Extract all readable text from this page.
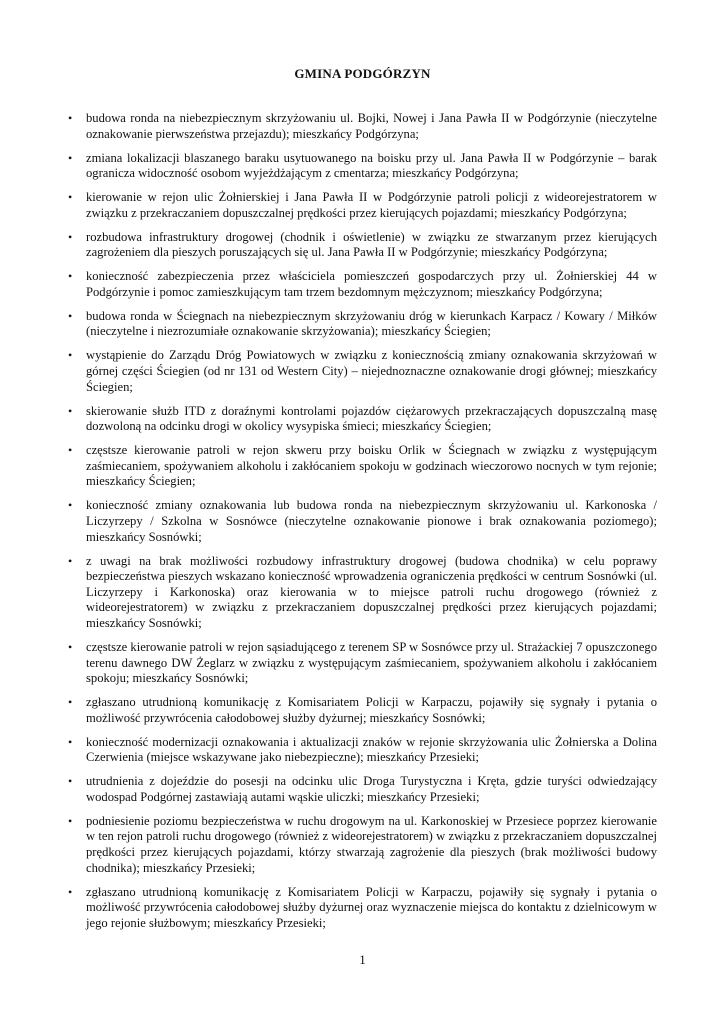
GMINA PODGÓRZYN
• budowa ronda na niebezpiecznym skrzyżowaniu ul. Bojki, Nowej i Jana Pawła II w Podgórzynie (nieczytelne oznakowanie pierwszeństwa przejazdu); mieszkańcy Podgórzyna;
• zmiana lokalizacji blaszanego baraku usytuowanego na boisku przy ul. Jana Pawła II w Podgórzynie – barak ogranicza widoczność osobom wyjeżdżającym z cmentarza; mieszkańcy Podgórzyna;
• kierowanie w rejon ulic Żołnierskiej i Jana Pawła II w Podgórzynie patroli policji z wideorejestratorem w związku z przekraczaniem dopuszczalnej prędkości przez kierujących pojazdami; mieszkańcy Podgórzyna;
• rozbudowa infrastruktury drogowej (chodnik i oświetlenie) w związku ze stwarzanym przez kierujących zagrożeniem dla pieszych poruszających się ul. Jana Pawła II w Podgórzynie; mieszkańcy Podgórzyna;
• konieczność zabezpieczenia przez właściciela pomieszczeń gospodarczych przy ul. Żołnierskiej 44 w Podgórzynie i pomoc zamieszkującym tam trzem bezdomnym mężczyznom; mieszkańcy Podgórzyna;
• budowa ronda w Ściegnach na niebezpiecznym skrzyżowaniu dróg w kierunkach Karpacz / Kowary / Miłków (nieczytelne i niezrozumiałe oznakowanie skrzyżowania); mieszkańcy Ściegien;
• wystąpienie do Zarządu Dróg Powiatowych w związku z koniecznością zmiany oznakowania skrzyżowań w górnej części Ściegien (od nr 131 od Western City) – niejednoznaczne oznakowanie drogi głównej; mieszkańcy Ściegien;
• skierowanie służb ITD z doraźnymi kontrolami pojazdów ciężarowych przekraczających dopuszczalną masę dozwoloną na odcinku drogi w okolicy wysypiska śmieci; mieszkańcy Ściegien;
• częstsze kierowanie patroli w rejon skweru przy boisku Orlik w Ściegnach w związku z występującym zaśmiecaniem, spożywaniem alkoholu i zakłócaniem spokoju w godzinach wieczorowo nocnych w tym rejonie; mieszkańcy Ściegien;
• konieczność zmiany oznakowania lub budowa ronda na niebezpiecznym skrzyżowaniu ul. Karkonoska / Liczyrzepy / Szkolna w Sosnówce (nieczytelne oznakowanie pionowe i brak oznakowania poziomego); mieszkańcy Sosnówki;
• z uwagi na brak możliwości rozbudowy infrastruktury drogowej (budowa chodnika) w celu poprawy bezpieczeństwa pieszych wskazano konieczność wprowadzenia ograniczenia prędkości w centrum Sosnówki (ul. Liczyrzepy i Karkonoska) oraz kierowania w to miejsce patroli ruchu drogowego (również z wideorejestratorem) w związku z przekraczaniem dopuszczalnej prędkości przez kierujących pojazdami; mieszkańcy Sosnówki;
• częstsze kierowanie patroli w rejon sąsiadującego z terenem SP w Sosnówce przy ul. Strażackiej 7 opuszczonego terenu dawnego DW Żeglarz w związku z występującym zaśmiecaniem, spożywaniem alkoholu i zakłócaniem spokoju; mieszkańcy Sosnówki;
• zgłaszano utrudnioną komunikację z Komisariatem Policji w Karpaczu, pojawiły się sygnały i pytania o możliwość przywrócenia całodobowej służby dyżurnej; mieszkańcy Sosnówki;
• konieczność modernizacji oznakowania i aktualizacji znaków w rejonie skrzyżowania ulic Żołnierska a Dolina Czerwienia (miejsce wskazywane jako niebezpieczne); mieszkańcy Przesieki;
• utrudnienia z dojeździe do posesji na odcinku ulic Droga Turystyczna i Kręta, gdzie turyści odwiedzający wodospad Podgórnej zastawiają autami wąskie uliczki; mieszkańcy Przesieki;
• podniesienie poziomu bezpieczeństwa w ruchu drogowym na ul. Karkonoskiej w Przesiece poprzez kierowanie w ten rejon patroli ruchu drogowego (również z wideorejestratorem) w związku z przekraczaniem dopuszczalnej prędkości przez kierujących pojazdami, którzy stwarzają zagrożenie dla pieszych (brak możliwości budowy chodnika); mieszkańcy Przesieki;
• zgłaszano utrudnioną komunikację z Komisariatem Policji w Karpaczu, pojawiły się sygnały i pytania o możliwość przywrócenia całodobowej służby dyżurnej oraz wyznaczenie miejsca do kontaktu z dzielnicowym w jego rejonie służbowym; mieszkańcy Przesieki;
1
